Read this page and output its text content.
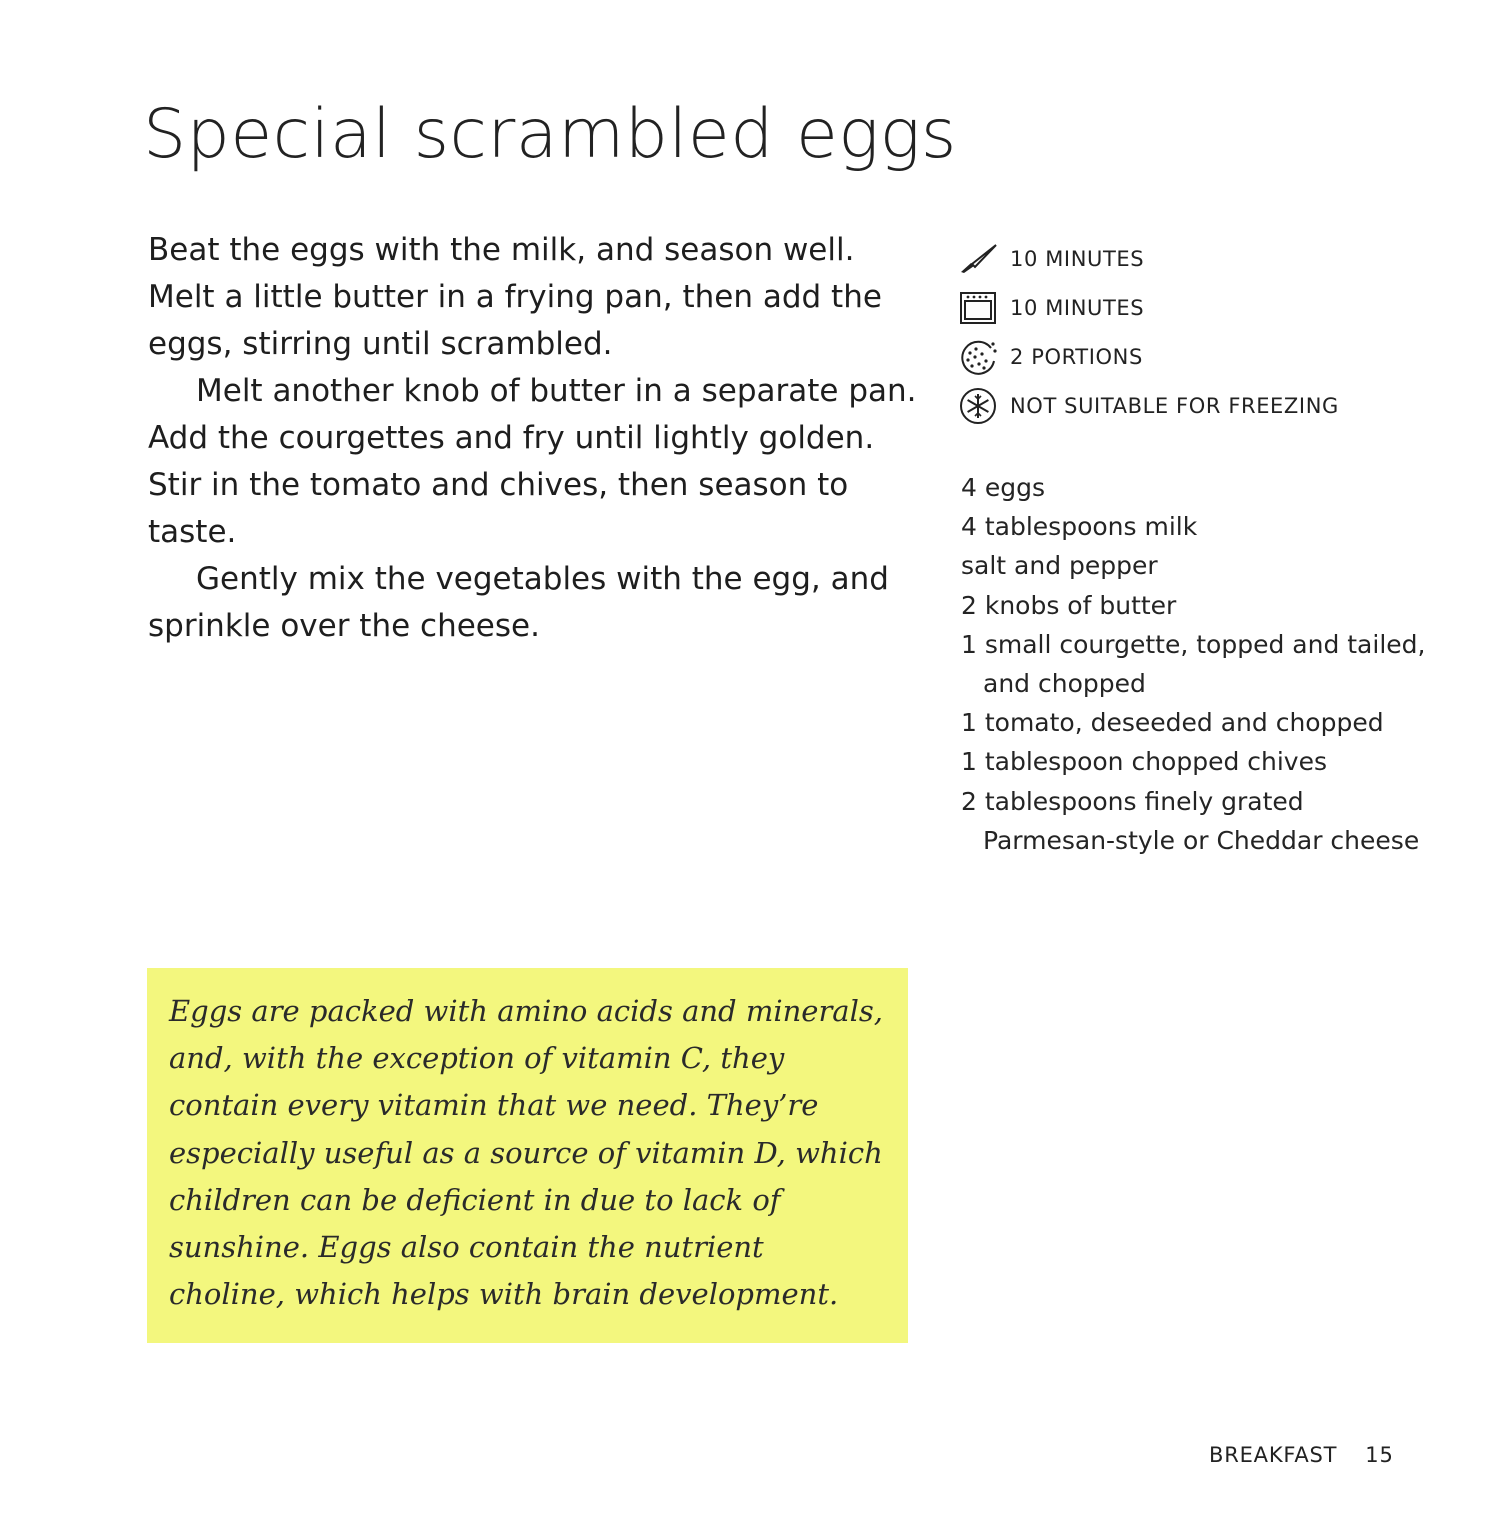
Special scrambled eggs

Beat the eggs with the milk, and season well. Melt a little butter in a frying pan, then add the eggs, stirring until scrambled.

Melt another knob of butter in a separate pan. Add the courgettes and fry until lightly golden. Stir in the tomato and chives, then season to taste.

Gently mix the vegetables with the egg, and sprinkle over the cheese.

10 MINUTES
10 MINUTES
2 PORTIONS
NOT SUITABLE FOR FREEZING
4 eggs
4 tablespoons milk
salt and pepper
2 knobs of butter
1 small courgette, topped and tailed, and chopped
1 tomato, deseeded and chopped
1 tablespoon chopped chives
2 tablespoons finely grated Parmesan-style or Cheddar cheese

Eggs are packed with amino acids and minerals, and, with the exception of vitamin C, they contain every vitamin that we need. They’re especially useful as a source of vitamin D, which children can be deficient in due to lack of sunshine. Eggs also contain the nutrient choline, which helps with brain development.

BREAKFAST 15
